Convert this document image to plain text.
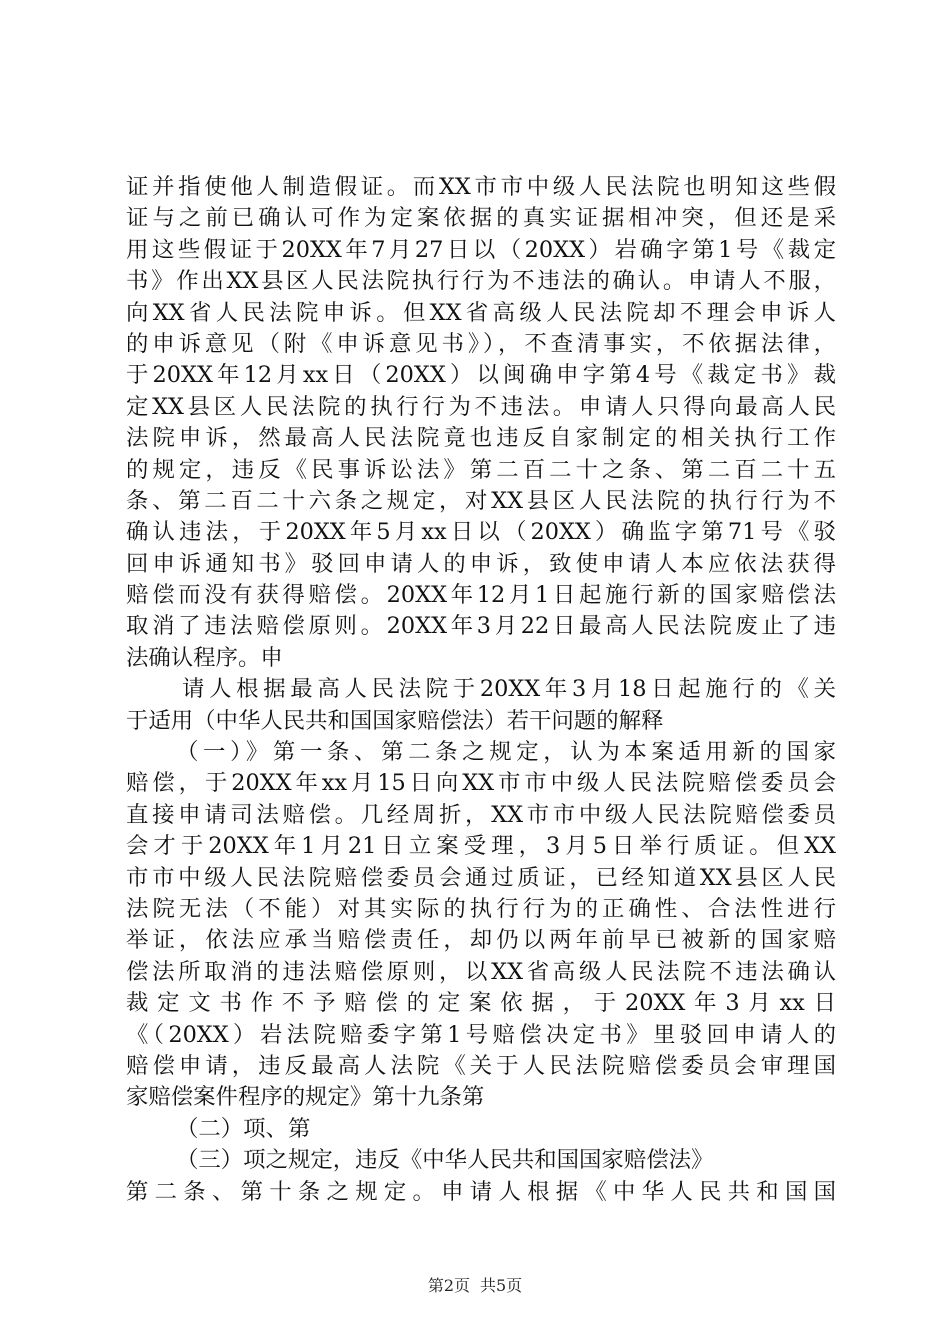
证并指使他人制造假证。而XX市市中级人民法院也明知这些假
证与之前已确认可作为定案依据的真实证据相冲突，但还是采
用这些假证于20XX年7月27日以（20XX）岩确字第1号《裁定
书》作出XX县区人民法院执行行为不违法的确认。申请人不服，
向XX省人民法院申诉。但XX省高级人民法院却不理会申诉人
的申诉意见（附《申诉意见书》），不查清事实，不依据法律，
于20XX年12月xx日（20XX）以闽确申字第4号《裁定书》裁
定XX县区人民法院的执行行为不违法。申请人只得向最高人民
法院申诉，然最高人民法院竟也违反自家制定的相关执行工作
的规定，违反《民事诉讼法》第二百二十之条、第二百二十五
条、第二百二十六条之规定，对XX县区人民法院的执行行为不
确认违法，于20XX年5月xx日以（20XX）确监字第71号《驳
回申诉通知书》驳回申请人的申诉，致使申请人本应依法获得
赔偿而没有获得赔偿。20XX年12月1日起施行新的国家赔偿法
取消了违法赔偿原则。20XX年3月22日最高人民法院废止了违
法确认程序。申
请人根据最高人民法院于20XX年3月18日起施行的《关
于适用（中华人民共和国国家赔偿法）若干问题的解释
（一）》第一条、第二条之规定，认为本案适用新的国家
赔偿，于20XX年xx月15日向XX市市中级人民法院赔偿委员会
直接申请司法赔偿。几经周折，XX市市中级人民法院赔偿委员
会才于20XX年1月21日立案受理，3月5日举行质证。但XX
市市中级人民法院赔偿委员会通过质证，已经知道XX县区人民
法院无法（不能）对其实际的执行行为的正确性、合法性进行
举证，依法应承当赔偿责任，却仍以两年前早已被新的国家赔
偿法所取消的违法赔偿原则，以XX省高级人民法院不违法确认
裁定文书作不予赔偿的定案依据，于20XX年3月xx日
《（20XX）岩法院赔委字第1号赔偿决定书》里驳回申请人的
赔偿申请，违反最高人法院《关于人民法院赔偿委员会审理国
家赔偿案件程序的规定》第十九条第
（二）项、第
（三）项之规定，违反《中华人民共和国国家赔偿法》
第二条、第十条之规定。申请人根据《中华人民共和国国
第2页 共5页
